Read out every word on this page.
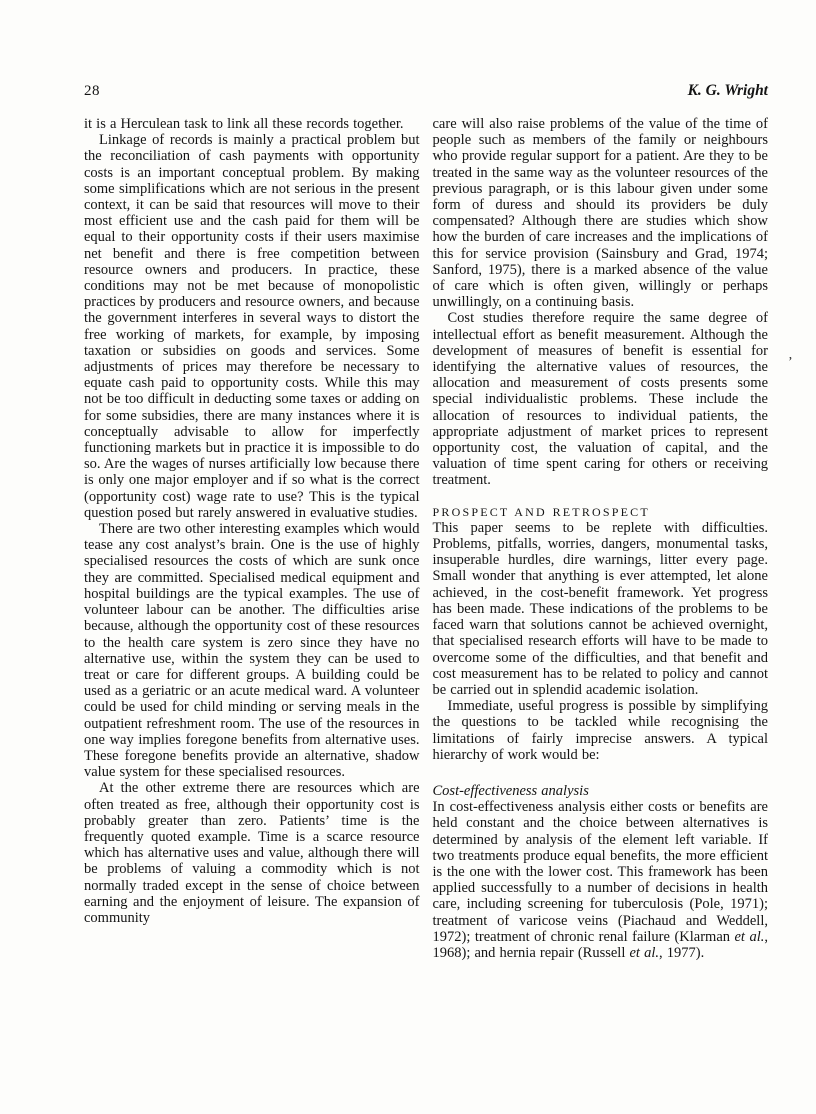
28	K. G. Wright

it is a Herculean task to link all these records together.

Linkage of records is mainly a practical problem but the reconciliation of cash payments with opportunity costs is an important conceptual problem. By making some simplifications which are not serious in the present context, it can be said that resources will move to their most efficient use and the cash paid for them will be equal to their opportunity costs if their users maximise net benefit and there is free competition between resource owners and producers. In practice, these conditions may not be met because of monopolistic practices by producers and resource owners, and because the government interferes in several ways to distort the free working of markets, for example, by imposing taxation or subsidies on goods and services. Some adjustments of prices may therefore be necessary to equate cash paid to opportunity costs. While this may not be too difficult in deducting some taxes or adding on for some subsidies, there are many instances where it is conceptually advisable to allow for imperfectly functioning markets but in practice it is impossible to do so. Are the wages of nurses artificially low because there is only one major employer and if so what is the correct (opportunity cost) wage rate to use? This is the typical question posed but rarely answered in evaluative studies.

There are two other interesting examples which would tease any cost analyst’s brain. One is the use of highly specialised resources the costs of which are sunk once they are committed. Specialised medical equipment and hospital buildings are the typical examples. The use of volunteer labour can be another. The difficulties arise because, although the opportunity cost of these resources to the health care system is zero since they have no alternative use, within the system they can be used to treat or care for different groups. A building could be used as a geriatric or an acute medical ward. A volunteer could be used for child minding or serving meals in the outpatient refreshment room. The use of the resources in one way implies foregone benefits from alternative uses. These foregone benefits provide an alternative, shadow value system for these specialised resources.

At the other extreme there are resources which are often treated as free, although their opportunity cost is probably greater than zero. Patients’ time is the frequently quoted example. Time is a scarce resource which has alternative uses and value, although there will be problems of valuing a commodity which is not normally traded except in the sense of choice between earning and the enjoyment of leisure. The expansion of community

care will also raise problems of the value of the time of people such as members of the family or neighbours who provide regular support for a patient. Are they to be treated in the same way as the volunteer resources of the previous paragraph, or is this labour given under some form of duress and should its providers be duly compensated? Although there are studies which show how the burden of care increases and the implications of this for service provision (Sainsbury and Grad, 1974; Sanford, 1975), there is a marked absence of the value of care which is often given, willingly or perhaps unwillingly, on a continuing basis.

Cost studies therefore require the same degree of intellectual effort as benefit measurement. Although the development of measures of benefit is essential for identifying the alternative values of resources, the allocation and measurement of costs presents some special individualistic problems. These include the allocation of resources to individual patients, the appropriate adjustment of market prices to represent opportunity cost, the valuation of capital, and the valuation of time spent caring for others or receiving treatment.

PROSPECT AND RETROSPECT

This paper seems to be replete with difficulties. Problems, pitfalls, worries, dangers, monumental tasks, insuperable hurdles, dire warnings, litter every page. Small wonder that anything is ever attempted, let alone achieved, in the cost-benefit framework. Yet progress has been made. These indications of the problems to be faced warn that solutions cannot be achieved overnight, that specialised research efforts will have to be made to overcome some of the difficulties, and that benefit and cost measurement has to be related to policy and cannot be carried out in splendid academic isolation.

Immediate, useful progress is possible by simplifying the questions to be tackled while recognising the limitations of fairly imprecise answers. A typical hierarchy of work would be:

Cost-effectiveness analysis

In cost-effectiveness analysis either costs or benefits are held constant and the choice between alternatives is determined by analysis of the element left variable. If two treatments produce equal benefits, the more efficient is the one with the lower cost. This framework has been applied successfully to a number of decisions in health care, including screening for tuberculosis (Pole, 1971); treatment of varicose veins (Piachaud and Weddell, 1972); treatment of chronic renal failure (Klarman et al., 1968); and hernia repair (Russell et al., 1977).

’
